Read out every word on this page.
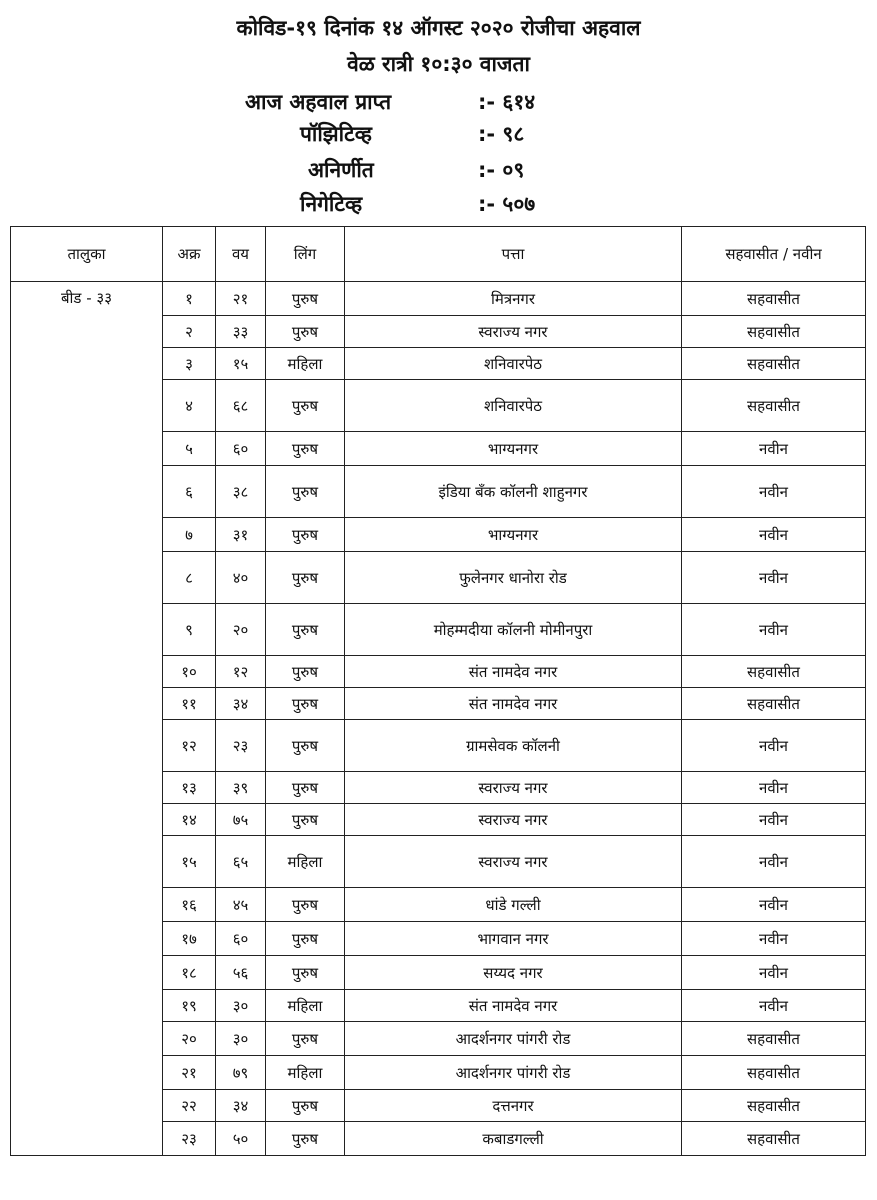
कोविड-१९ दिनांक १४ ऑगस्ट २०२० रोजीचा अहवाल
वेळ रात्री १०:३० वाजता
आज अहवाल प्राप्त	:- ६१४
पॉझिटिव्ह	:- ९८
अनिर्णीत	:- ०९
निगेटिव्ह	:- ५०७
तालुका	अक्र	वय	लिंग	पत्ता	सहवासीत / नवीन
बीड - ३३	१	२१	पुरुष	मित्रनगर	सहवासीत
	२	३३	पुरुष	स्वराज्य नगर	सहवासीत
	३	१५	महिला	शनिवारपेठ	सहवासीत
	४	६८	पुरुष	शनिवारपेठ	सहवासीत
	५	६०	पुरुष	भाग्यनगर	नवीन
	६	३८	पुरुष	इंडिया बँक कॉलनी शाहुनगर	नवीन
	७	३१	पुरुष	भाग्यनगर	नवीन
	८	४०	पुरुष	फुलेनगर धानोरा रोड	नवीन
	९	२०	पुरुष	मोहम्मदीया कॉलनी मोमीनपुरा	नवीन
	१०	१२	पुरुष	संत नामदेव नगर	सहवासीत
	११	३४	पुरुष	संत नामदेव नगर	सहवासीत
	१२	२३	पुरुष	ग्रामसेवक कॉलनी	नवीन
	१३	३९	पुरुष	स्वराज्य नगर	नवीन
	१४	७५	पुरुष	स्वराज्य नगर	नवीन
	१५	६५	महिला	स्वराज्य नगर	नवीन
	१६	४५	पुरुष	धांडे गल्ली	नवीन
	१७	६०	पुरुष	भागवान नगर	नवीन
	१८	५६	पुरुष	सय्यद नगर	नवीन
	१९	३०	महिला	संत नामदेव नगर	नवीन
	२०	३०	पुरुष	आदर्शनगर पांगरी रोड	सहवासीत
	२१	७९	महिला	आदर्शनगर पांगरी रोड	सहवासीत
	२२	३४	पुरुष	दत्तनगर	सहवासीत
	२३	५०	पुरुष	कबाडगल्ली	सहवासीत
